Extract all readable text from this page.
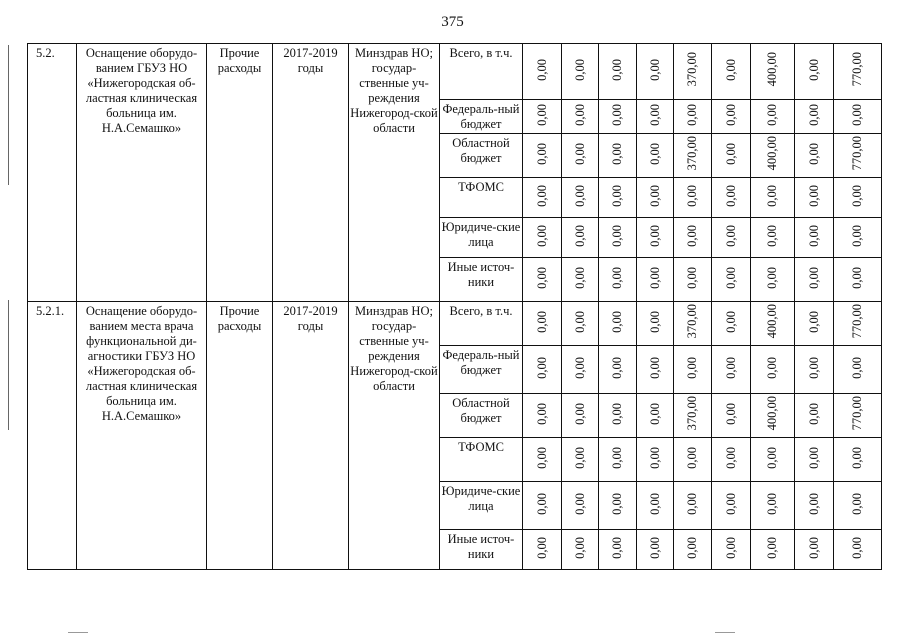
375
5.2.	Оснащение оборудо-ванием ГБУЗ НО «Нижегородская об-ластная клиническая больница им. Н.А.Семашко»	Прочие расходы	2017-2019 годы	Минздрав НО; государ-ственные уч-реждения Нижегород-ской области	Всего, в т.ч.	0,00	0,00	0,00	0,00	370,00	0,00	400,00	0,00	770,00
					Федераль-ный бюджет	0,00	0,00	0,00	0,00	0,00	0,00	0,00	0,00	0,00
					Областной бюджет	0,00	0,00	0,00	0,00	370,00	0,00	400,00	0,00	770,00
					ТФОМС	0,00	0,00	0,00	0,00	0,00	0,00	0,00	0,00	0,00
					Юридиче-ские лица	0,00	0,00	0,00	0,00	0,00	0,00	0,00	0,00	0,00
					Иные источ-ники	0,00	0,00	0,00	0,00	0,00	0,00	0,00	0,00	0,00
5.2.1.	Оснащение оборудо-ванием места врача функциональной ди-агностики ГБУЗ НО «Нижегородская об-ластная клиническая больница им. Н.А.Семашко»	Прочие расходы	2017-2019 годы	Минздрав НО; государ-ственные уч-реждения Нижегород-ской области	Всего, в т.ч.	0,00	0,00	0,00	0,00	370,00	0,00	400,00	0,00	770,00
					Федераль-ный бюджет	0,00	0,00	0,00	0,00	0,00	0,00	0,00	0,00	0,00
					Областной бюджет	0,00	0,00	0,00	0,00	370,00	0,00	400,00	0,00	770,00
					ТФОМС	0,00	0,00	0,00	0,00	0,00	0,00	0,00	0,00	0,00
					Юридиче-ские лица	0,00	0,00	0,00	0,00	0,00	0,00	0,00	0,00	0,00
					Иные источ-ники	0,00	0,00	0,00	0,00	0,00	0,00	0,00	0,00	0,00
